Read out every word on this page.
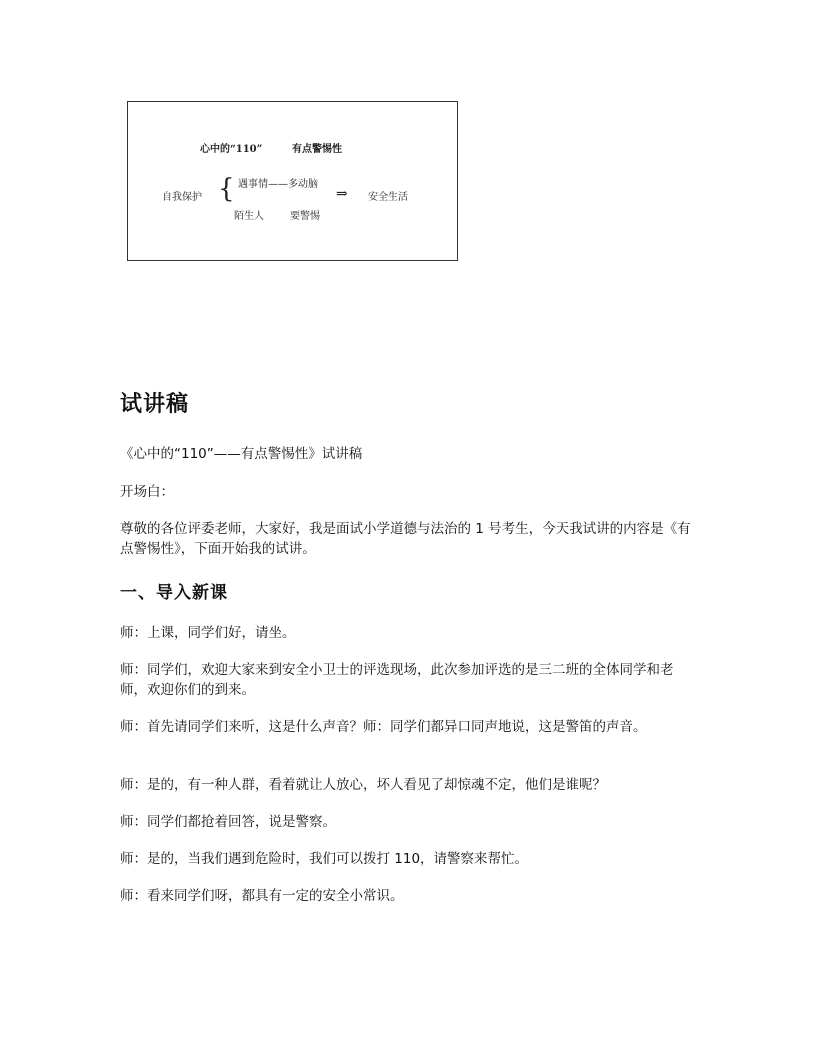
心中的“110”	有点警惕性
自我保护 { 遇事情——多动脑
陌生人	要警惕
⇒ 安全生活
试讲稿

《心中的“110”——有点警惕性》试讲稿

开场白：

尊敬的各位评委老师，大家好，我是面试小学道德与法治的 1 号考生，今天我试讲的内容是《有点警惕性》，下面开始我的试讲。

一、导入新课

师：上课，同学们好，请坐。

师：同学们，欢迎大家来到安全小卫士的评选现场，此次参加评选的是三二班的全体同学和老师，欢迎你们的到来。

师：首先请同学们来听，这是什么声音？师：同学们都异口同声地说，这是警笛的声音。

师：是的，有一种人群，看着就让人放心，坏人看见了却惊魂不定，他们是谁呢？

师：同学们都抢着回答，说是警察。

师：是的，当我们遇到危险时，我们可以拨打 110，请警察来帮忙。

师：看来同学们呀，都具有一定的安全小常识。
